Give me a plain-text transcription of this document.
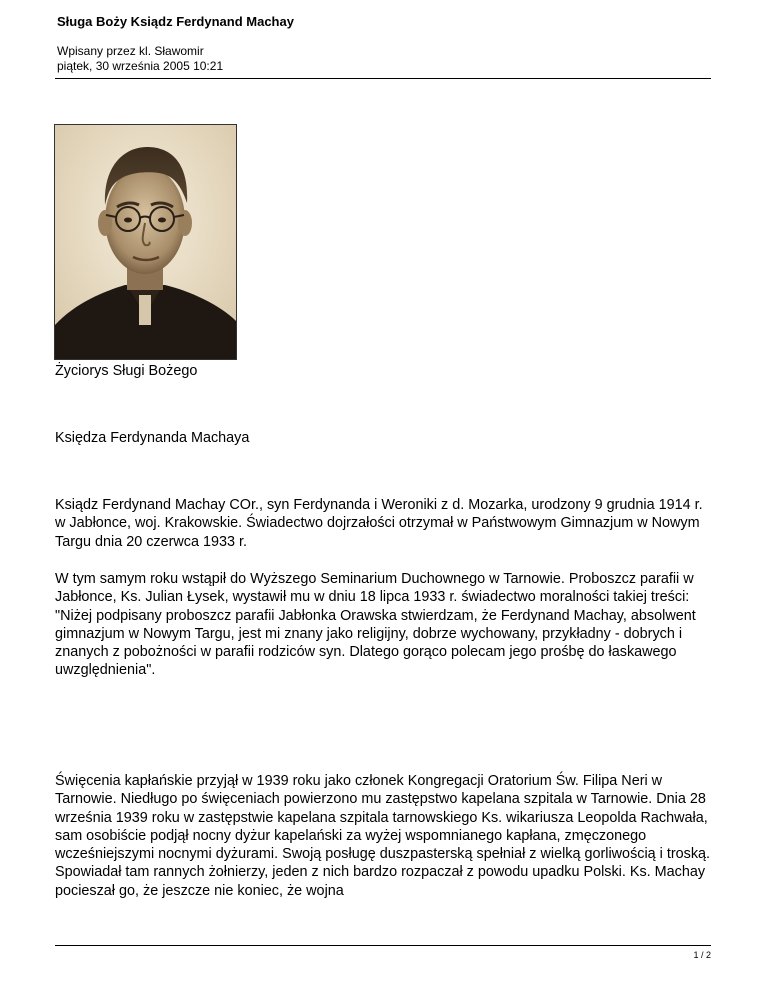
Sługa Boży Ksiądz Ferdynand Machay
Wpisany przez kl. Sławomir
piątek, 30 września 2005 10:21
Życiorys Sługi Bożego
Księdza Ferdynanda Machaya
Ksiądz Ferdynand Machay COr., syn Ferdynanda i Weroniki z d. Mozarka, urodzony 9 grudnia 1914 r. w Jabłonce, woj. Krakowskie. Świadectwo dojrzałości otrzymał w Państwowym Gimnazjum w Nowym Targu dnia 20 czerwca 1933 r.
W tym samym roku wstąpił do Wyższego Seminarium Duchownego w Tarnowie. Proboszcz parafii w Jabłonce, Ks. Julian Łysek, wystawił mu w dniu 18 lipca 1933 r. świadectwo moralności takiej treści: "Niżej podpisany proboszcz parafii Jabłonka Orawska stwierdzam, że Ferdynand Machay, absolwent gimnazjum w Nowym Targu, jest mi znany jako religijny, dobrze wychowany, przykładny - dobrych i znanych z pobożności w parafii rodziców syn. Dlatego gorąco polecam jego prośbę do łaskawego uwzględnienia".
Święcenia kapłańskie przyjął w 1939 roku jako członek Kongregacji Oratorium Św. Filipa Neri w Tarnowie. Niedługo po święceniach powierzono mu zastępstwo kapelana szpitala w Tarnowie. Dnia 28 września 1939 roku w zastępstwie kapelana szpitala tarnowskiego Ks. wikariusza Leopolda Rachwała, sam osobiście podjął nocny dyżur kapelański za wyżej wspomnianego kapłana, zmęczonego wcześniejszymi nocnymi dyżurami. Swoją posługę duszpasterską spełniał z wielką gorliwością i troską. Spowiadał tam rannych żołnierzy, jeden z nich bardzo rozpaczał z powodu upadku Polski. Ks. Machay pocieszał go, że jeszcze nie koniec, że wojna
1 / 2
